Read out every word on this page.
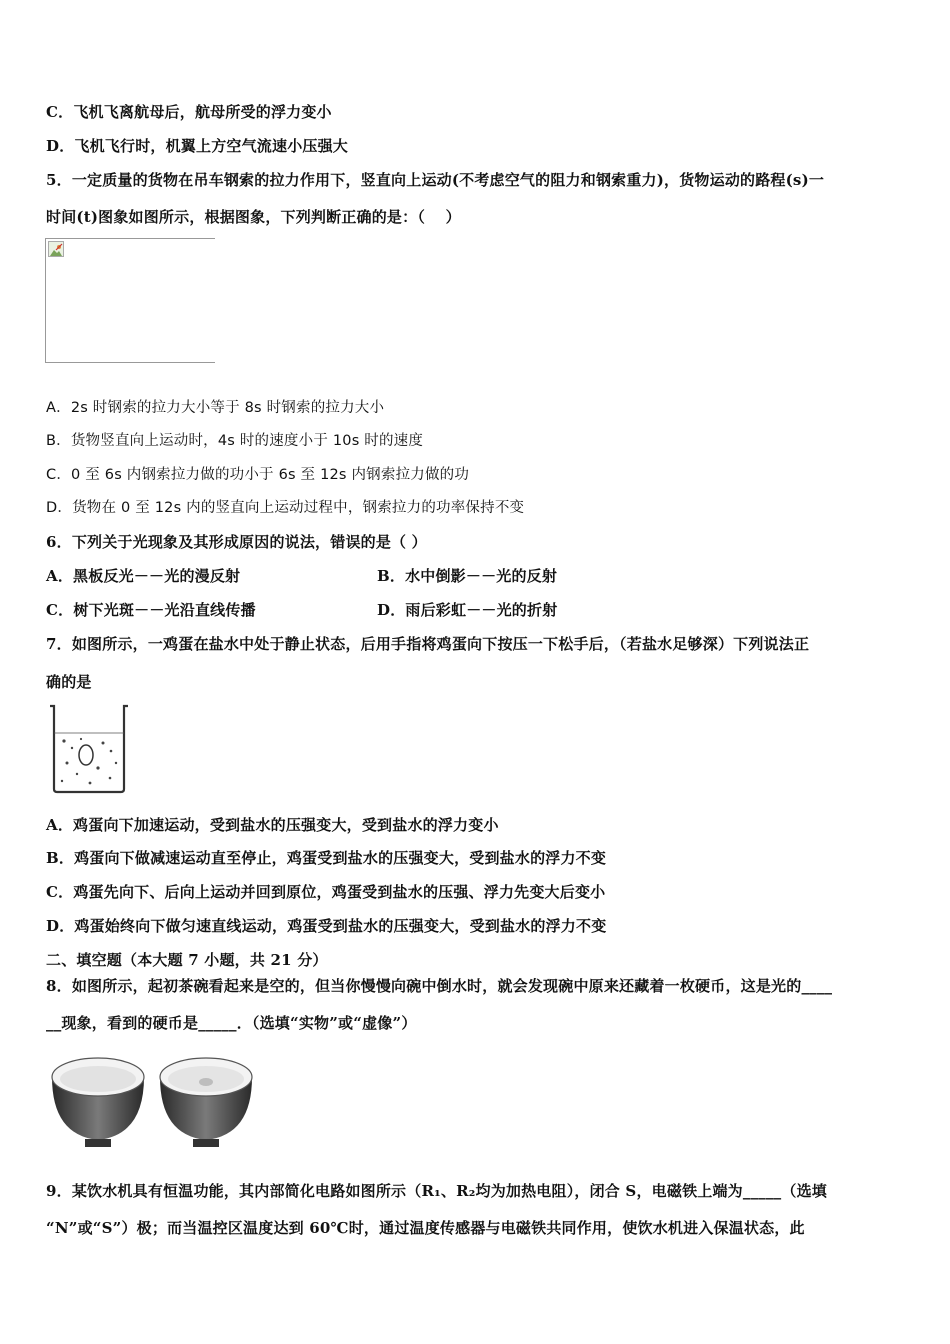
C．飞机飞离航母后，航母所受的浮力变小
D．飞机飞行时，机翼上方空气流速小压强大
5．一定质量的货物在吊车钢索的拉力作用下，竖直向上运动(不考虑空气的阻力和钢索重力)，货物运动的路程(s)一
时间(t)图象如图所示，根据图象，下列判断正确的是：（　 ）
A．2s 时钢索的拉力大小等于 8s 时钢索的拉力大小
B．货物竖直向上运动时，4s 时的速度小于 10s 时的速度
C．0 至 6s 内钢索拉力做的功小于 6s 至 12s 内钢索拉力做的功
D．货物在 0 至 12s 内的竖直向上运动过程中，钢索拉力的功率保持不变
6．下列关于光现象及其形成原因的说法，错误的是（ ）
A．黑板反光－－光的漫反射	B．水中倒影－－光的反射
C．树下光斑－－光沿直线传播	D．雨后彩虹－－光的折射
7．如图所示，一鸡蛋在盐水中处于静止状态，后用手指将鸡蛋向下按压一下松手后，（若盐水足够深）下列说法正
确的是
A．鸡蛋向下加速运动，受到盐水的压强变大，受到盐水的浮力变小
B．鸡蛋向下做减速运动直至停止，鸡蛋受到盐水的压强变大，受到盐水的浮力不变
C．鸡蛋先向下、后向上运动并回到原位，鸡蛋受到盐水的压强、浮力先变大后变小
D．鸡蛋始终向下做匀速直线运动，鸡蛋受到盐水的压强变大，受到盐水的浮力不变
二、填空题（本大题 7 小题，共 21 分）
8．如图所示，起初茶碗看起来是空的，但当你慢慢向碗中倒水时，就会发现碗中原来还藏着一枚硬币，这是光的____
__现象，看到的硬币是_____．（选填“实物”或“虚像”）
9．某饮水机具有恒温功能，其内部简化电路如图所示（R₁、R₂均为加热电阻），闭合 S，电磁铁上端为_____（选填
“N”或“S”）极；而当温控区温度达到 60℃时，通过温度传感器与电磁铁共同作用，使饮水机进入保温状态，此
